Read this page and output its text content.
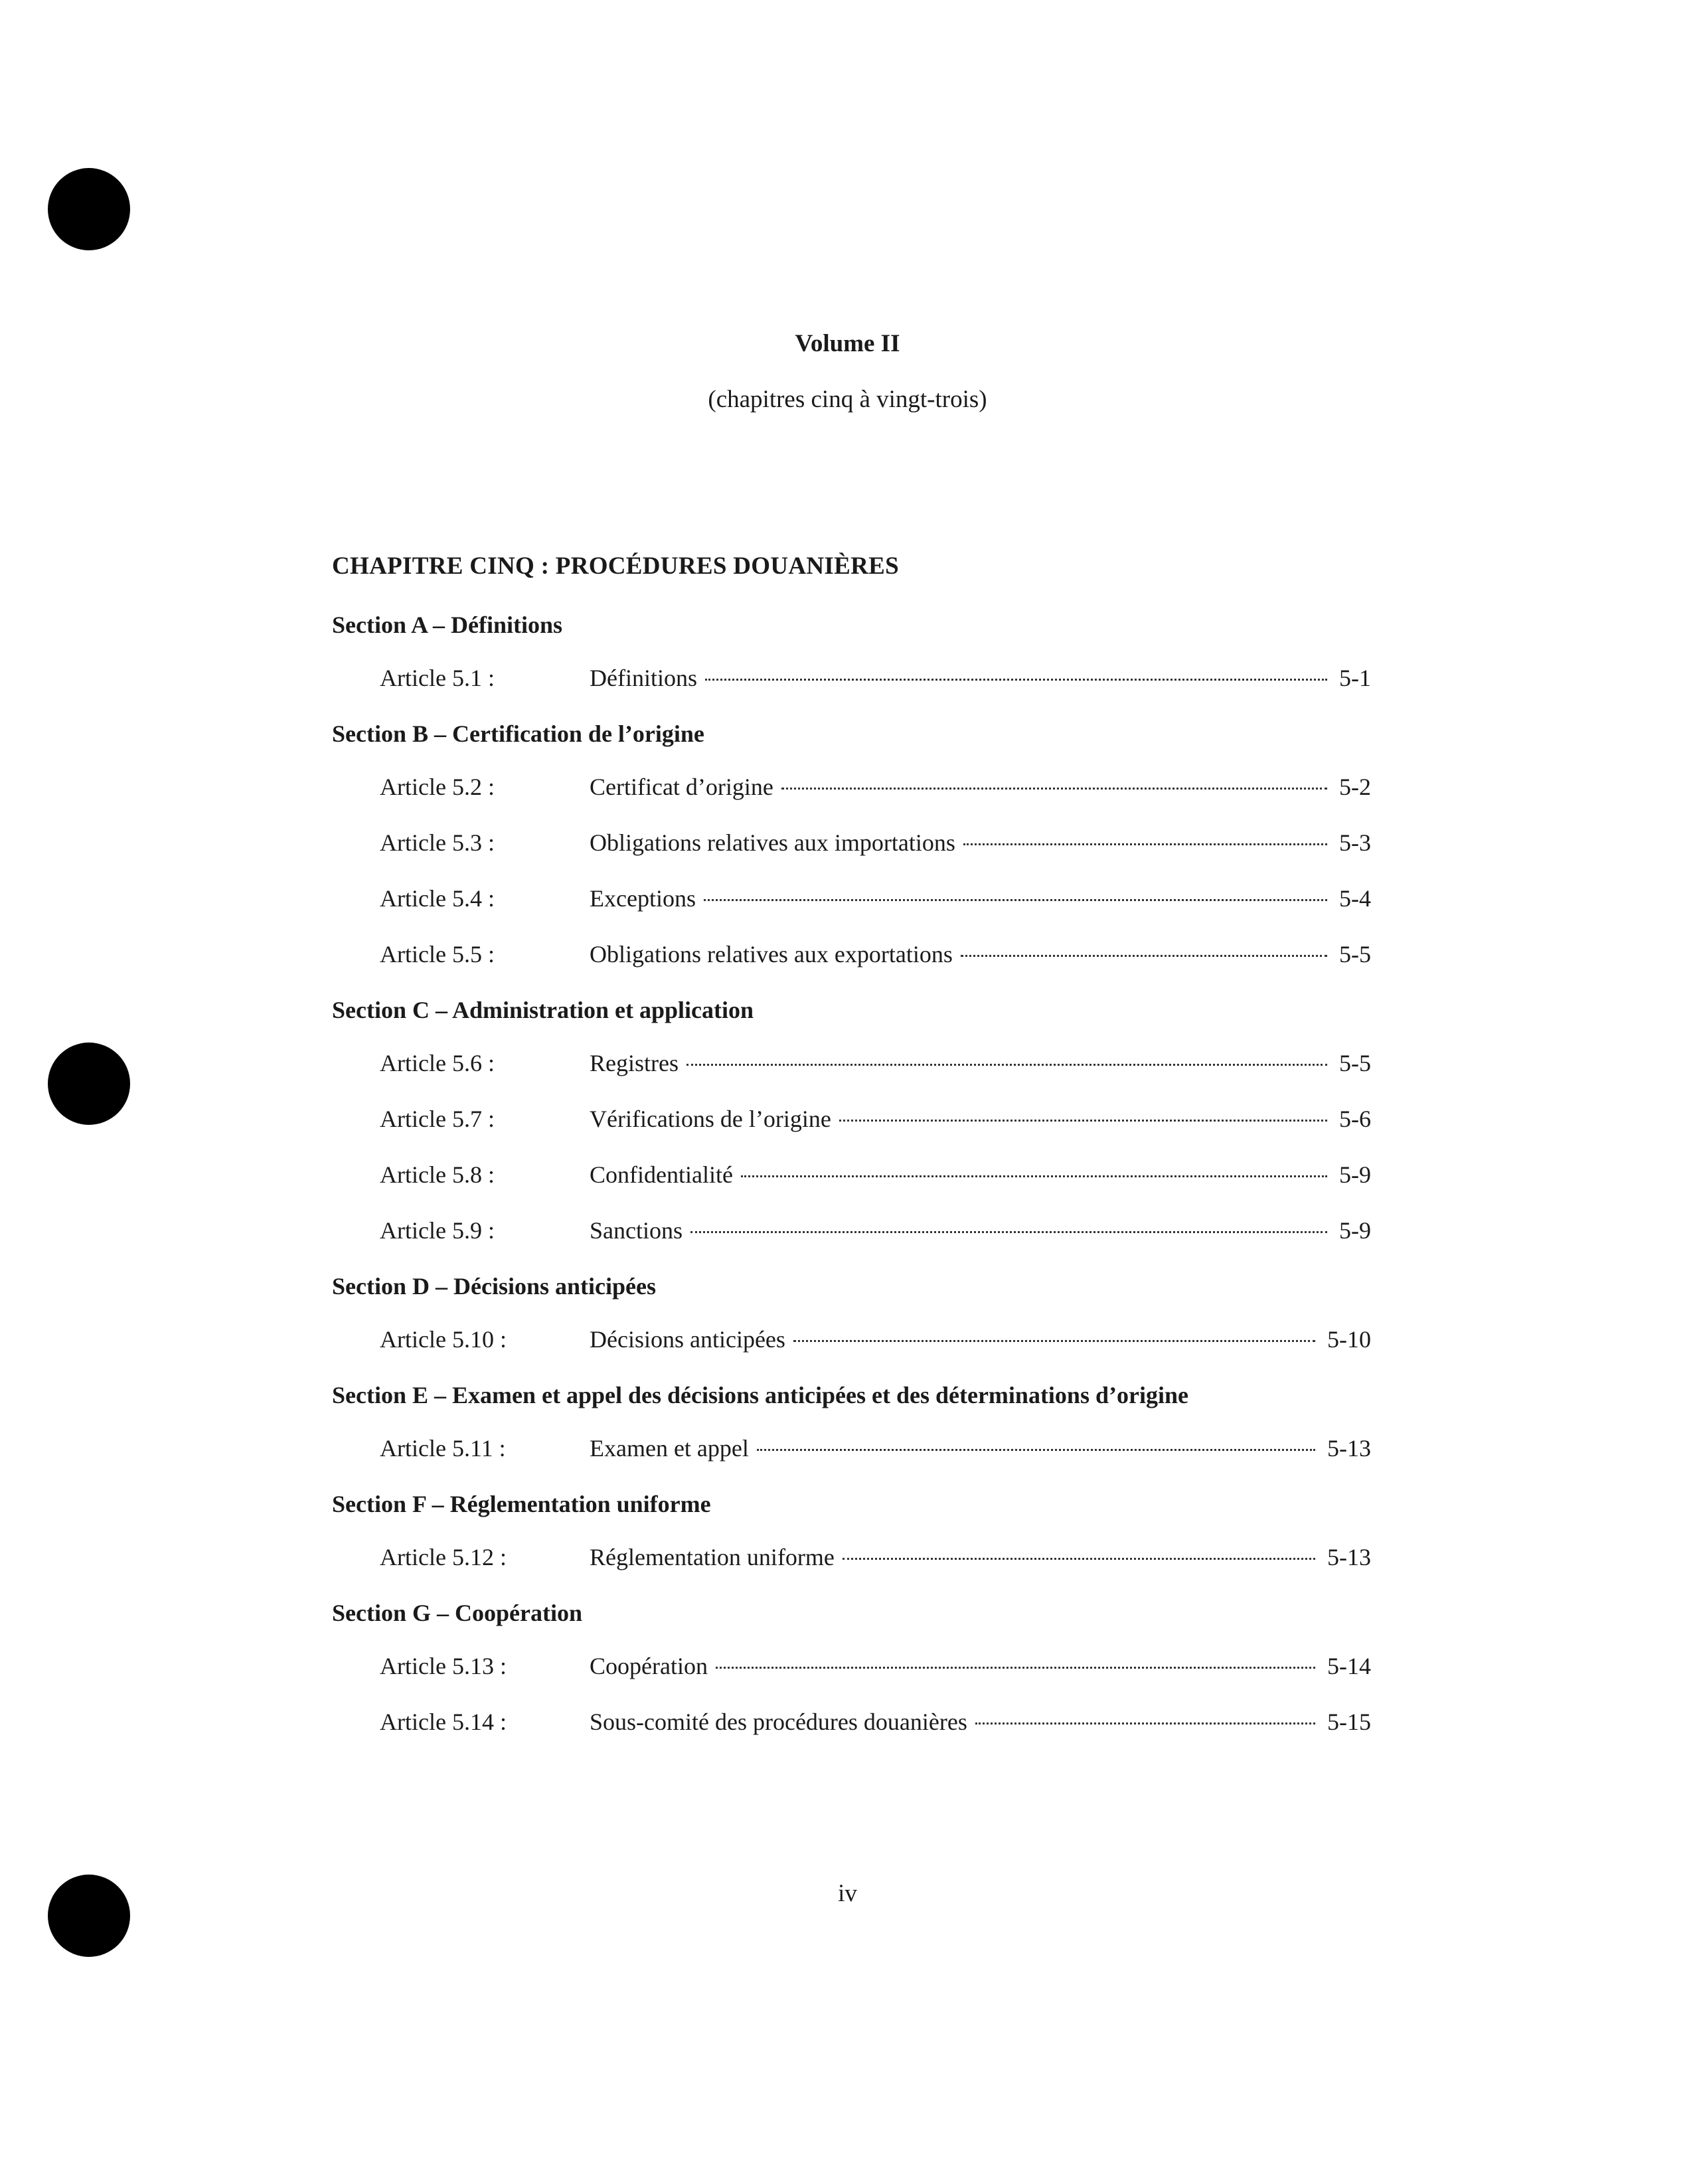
Volume II
(chapitres cinq à vingt-trois)
CHAPITRE CINQ : PROCÉDURES DOUANIÈRES
Section A – Définitions
Article 5.1 :	Définitions	5-1
Section B – Certification de l’origine
Article 5.2 :	Certificat d’origine	5-2
Article 5.3 :	Obligations relatives aux importations	5-3
Article 5.4 :	Exceptions	5-4
Article 5.5 :	Obligations relatives aux exportations	5-5
Section C – Administration et application
Article 5.6 :	Registres	5-5
Article 5.7 :	Vérifications de l’origine	5-6
Article 5.8 :	Confidentialité	5-9
Article 5.9 :	Sanctions	5-9
Section D – Décisions anticipées
Article 5.10 :	Décisions anticipées	5-10
Section E – Examen et appel des décisions anticipées et des déterminations d’origine
Article 5.11 :	Examen et appel	5-13
Section F – Réglementation uniforme
Article 5.12 :	Réglementation uniforme	5-13
Section G – Coopération
Article 5.13 :	Coopération	5-14
Article 5.14 :	Sous-comité des procédures douanières	5-15
iv
